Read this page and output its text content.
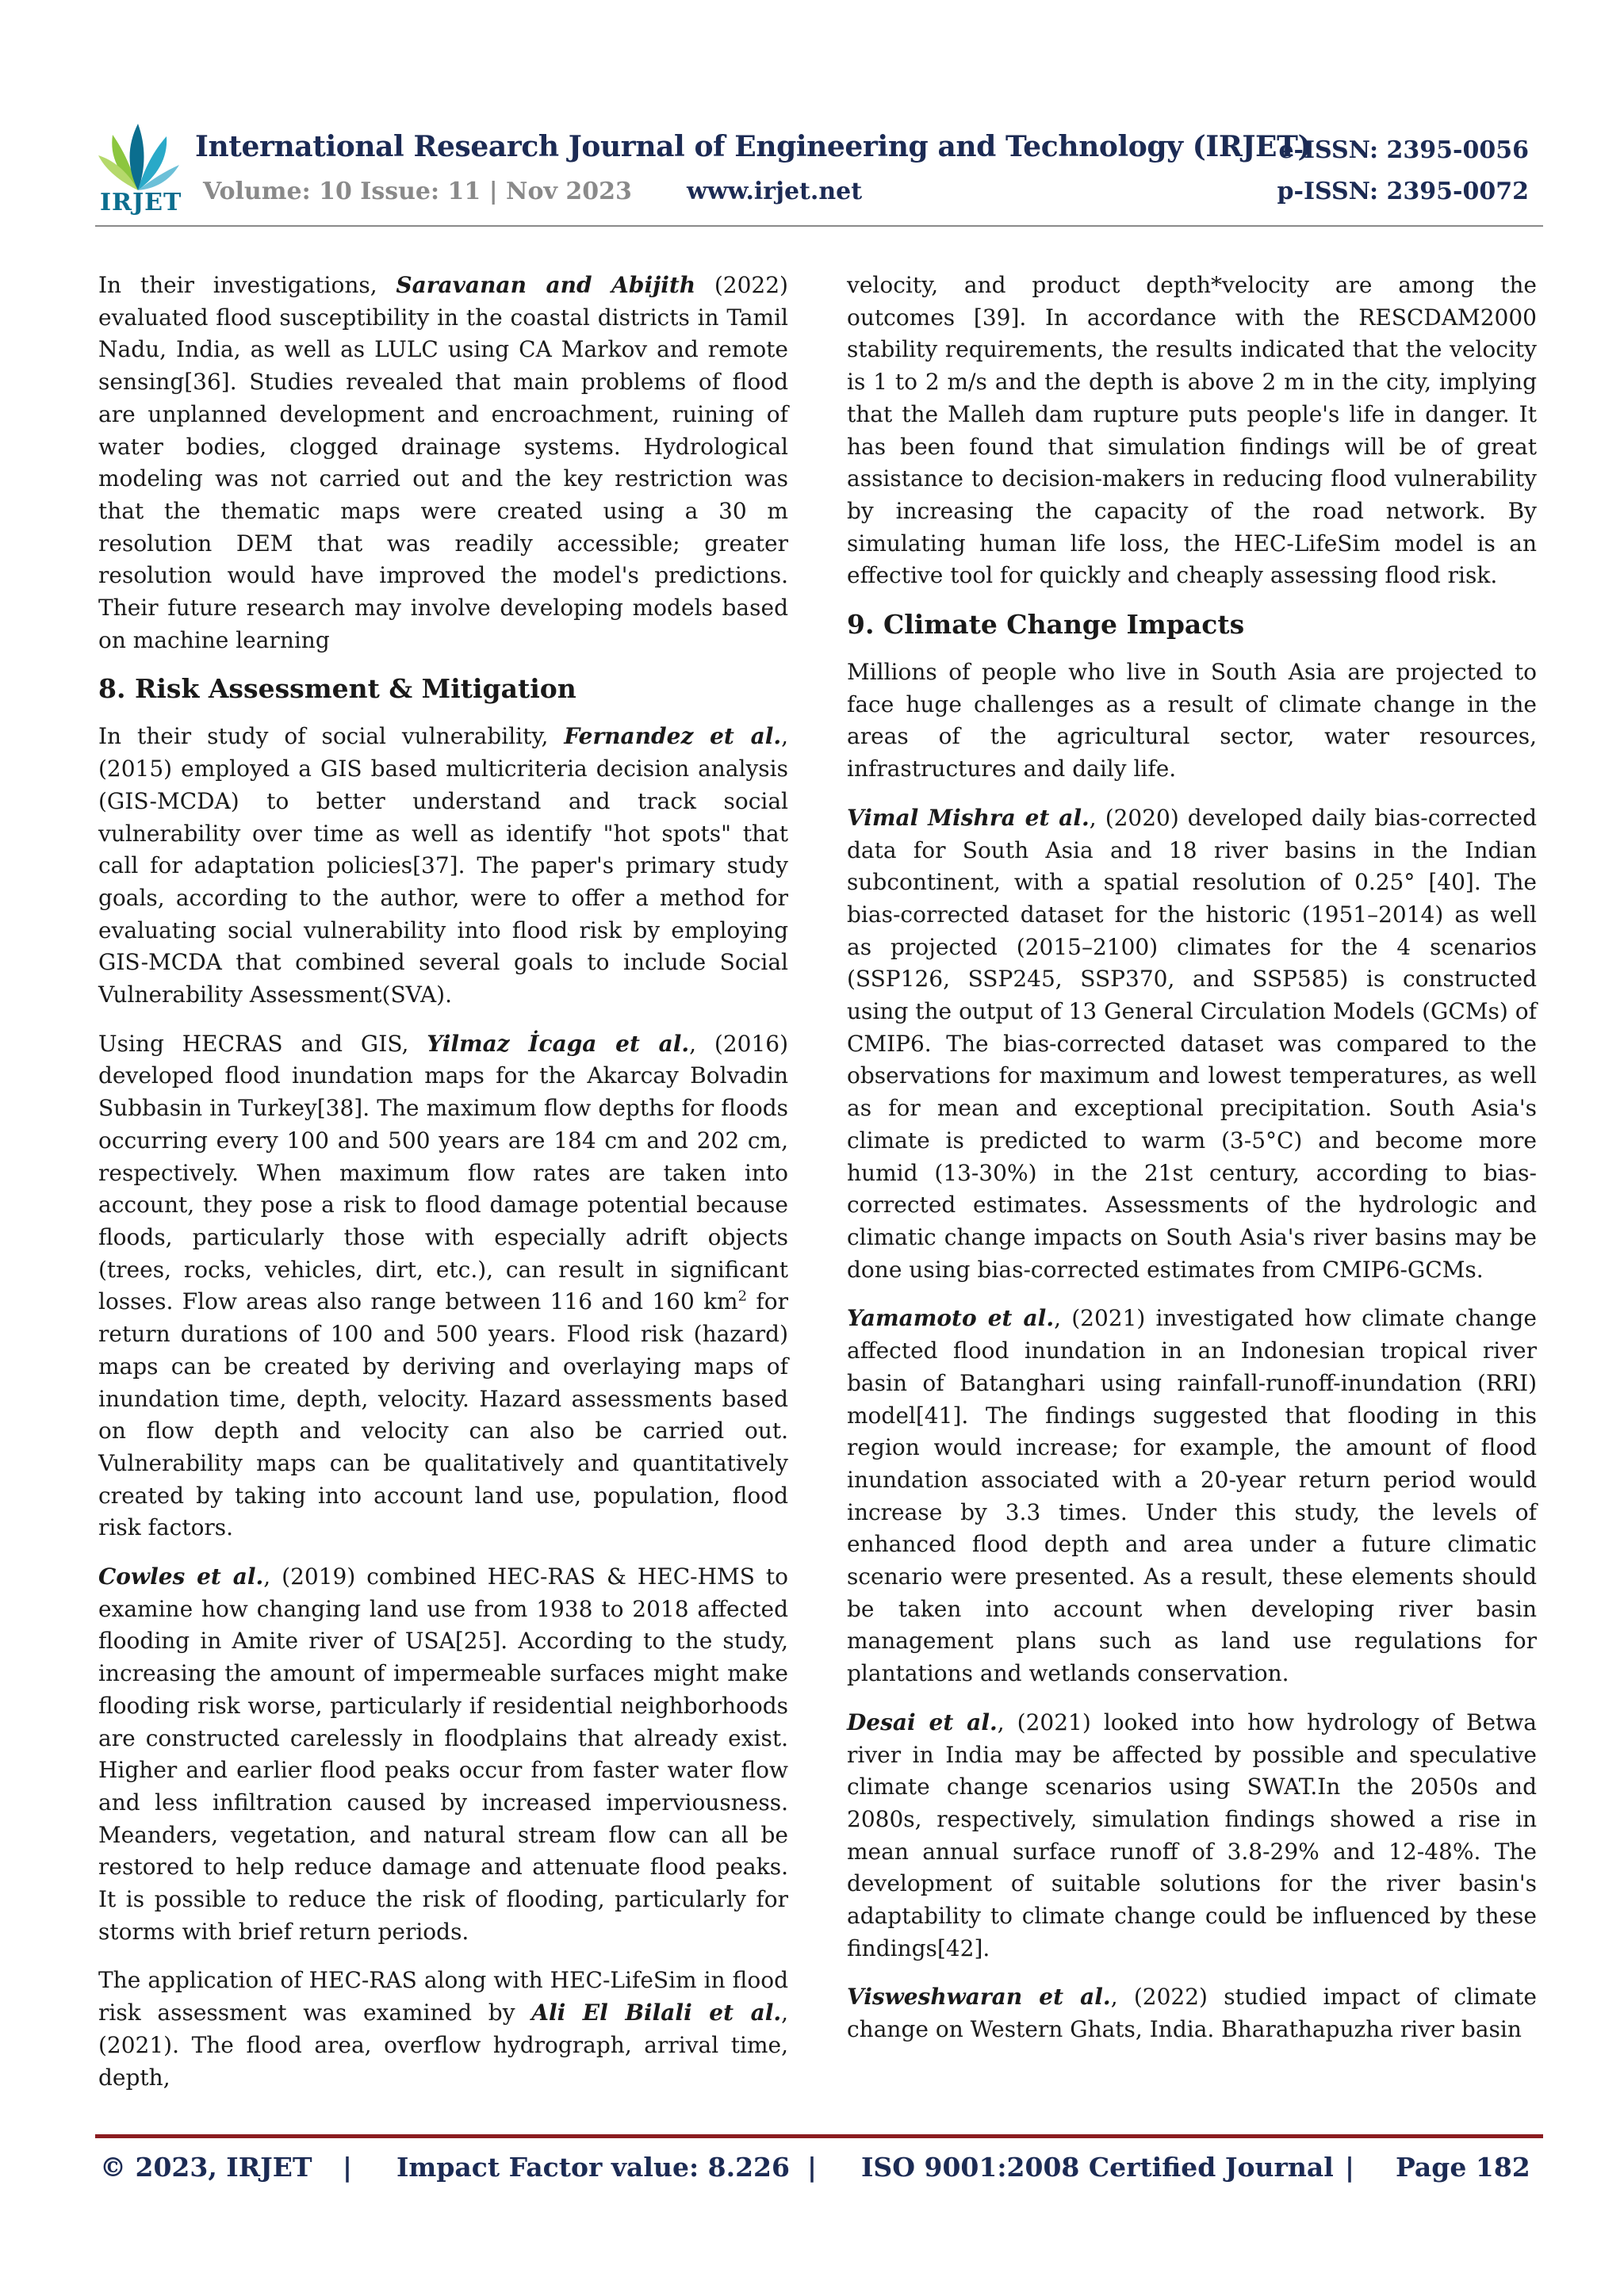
IRJET
International Research Journal of Engineering and Technology (IRJET)
e-ISSN: 2395-0056
Volume: 10 Issue: 11 | Nov 2023 www.irjet.net	p-ISSN: 2395-0072

In their investigations, Saravanan and Abijith (2022) evaluated flood susceptibility in the coastal districts in Tamil Nadu, India, as well as LULC using CA Markov and remote sensing[36]. Studies revealed that main problems of flood are unplanned development and encroachment, ruining of water bodies, clogged drainage systems. Hydrological modeling was not carried out and the key restriction was that the thematic maps were created using a 30 m resolution DEM that was readily accessible; greater resolution would have improved the model's predictions. Their future research may involve developing models based on machine learning

8. Risk Assessment & Mitigation

In their study of social vulnerability, Fernandez et al., (2015) employed a GIS based multicriteria decision analysis (GIS-MCDA) to better understand and track social vulnerability over time as well as identify "hot spots" that call for adaptation policies[37]. The paper's primary study goals, according to the author, were to offer a method for evaluating social vulnerability into flood risk by employing GIS-MCDA that combined several goals to include Social Vulnerability Assessment(SVA).

Using HECRAS and GIS, Yilmaz İcaga et al., (2016) developed flood inundation maps for the Akarcay Bolvadin Subbasin in Turkey[38]. The maximum flow depths for floods occurring every 100 and 500 years are 184 cm and 202 cm, respectively. When maximum flow rates are taken into account, they pose a risk to flood damage potential because floods, particularly those with especially adrift objects (trees, rocks, vehicles, dirt, etc.), can result in significant losses. Flow areas also range between 116 and 160 $km^2$ for return durations of 100 and 500 years. Flood risk (hazard) maps can be created by deriving and overlaying maps of inundation time, depth, velocity. Hazard assessments based on flow depth and velocity can also be carried out. Vulnerability maps can be qualitatively and quantitatively created by taking into account land use, population, flood risk factors.

Cowles et al., (2019) combined HEC-RAS & HEC-HMS to examine how changing land use from 1938 to 2018 affected flooding in Amite river of USA[25]. According to the study, increasing the amount of impermeable surfaces might make flooding risk worse, particularly if residential neighborhoods are constructed carelessly in floodplains that already exist. Higher and earlier flood peaks occur from faster water flow and less infiltration caused by increased imperviousness. Meanders, vegetation, and natural stream flow can all be restored to help reduce damage and attenuate flood peaks. It is possible to reduce the risk of flooding, particularly for storms with brief return periods.

The application of HEC-RAS along with HEC-LifeSim in flood risk assessment was examined by Ali El Bilali et al., (2021). The flood area, overflow hydrograph, arrival time, depth,

velocity, and product depth*velocity are among the outcomes [39]. In accordance with the RESCDAM2000 stability requirements, the results indicated that the velocity is 1 to 2 m/s and the depth is above 2 m in the city, implying that the Malleh dam rupture puts people's life in danger. It has been found that simulation findings will be of great assistance to decision-makers in reducing flood vulnerability by increasing the capacity of the road network. By simulating human life loss, the HEC-LifeSim model is an effective tool for quickly and cheaply assessing flood risk.

9. Climate Change Impacts

Millions of people who live in South Asia are projected to face huge challenges as a result of climate change in the areas of the agricultural sector, water resources, infrastructures and daily life.

Vimal Mishra et al., (2020) developed daily bias-corrected data for South Asia and 18 river basins in the Indian subcontinent, with a spatial resolution of 0.25° [40]. The bias-corrected dataset for the historic (1951–2014) as well as projected (2015–2100) climates for the 4 scenarios (SSP126, SSP245, SSP370, and SSP585) is constructed using the output of 13 General Circulation Models (GCMs) of CMIP6. The bias-corrected dataset was compared to the observations for maximum and lowest temperatures, as well as for mean and exceptional precipitation. South Asia's climate is predicted to warm (3-5°C) and become more humid (13-30%) in the 21st century, according to bias-corrected estimates. Assessments of the hydrologic and climatic change impacts on South Asia's river basins may be done using bias-corrected estimates from CMIP6-GCMs.

Yamamoto et al., (2021) investigated how climate change affected flood inundation in an Indonesian tropical river basin of Batanghari using rainfall-runoff-inundation (RRI) model[41]. The findings suggested that flooding in this region would increase; for example, the amount of flood inundation associated with a 20-year return period would increase by 3.3 times. Under this study, the levels of enhanced flood depth and area under a future climatic scenario were presented. As a result, these elements should be taken into account when developing river basin management plans such as land use regulations for plantations and wetlands conservation.

Desai et al., (2021) looked into how hydrology of Betwa river in India may be affected by possible and speculative climate change scenarios using SWAT.In the 2050s and 2080s, respectively, simulation findings showed a rise in mean annual surface runoff of 3.8-29% and 12-48%. The development of suitable solutions for the river basin's adaptability to climate change could be influenced by these findings[42].

Visweshwaran et al., (2022) studied impact of climate change on Western Ghats, India. Bharathapuzha river basin

© 2023, IRJET | Impact Factor value: 8.226 | ISO 9001:2008 Certified Journal | Page 182
